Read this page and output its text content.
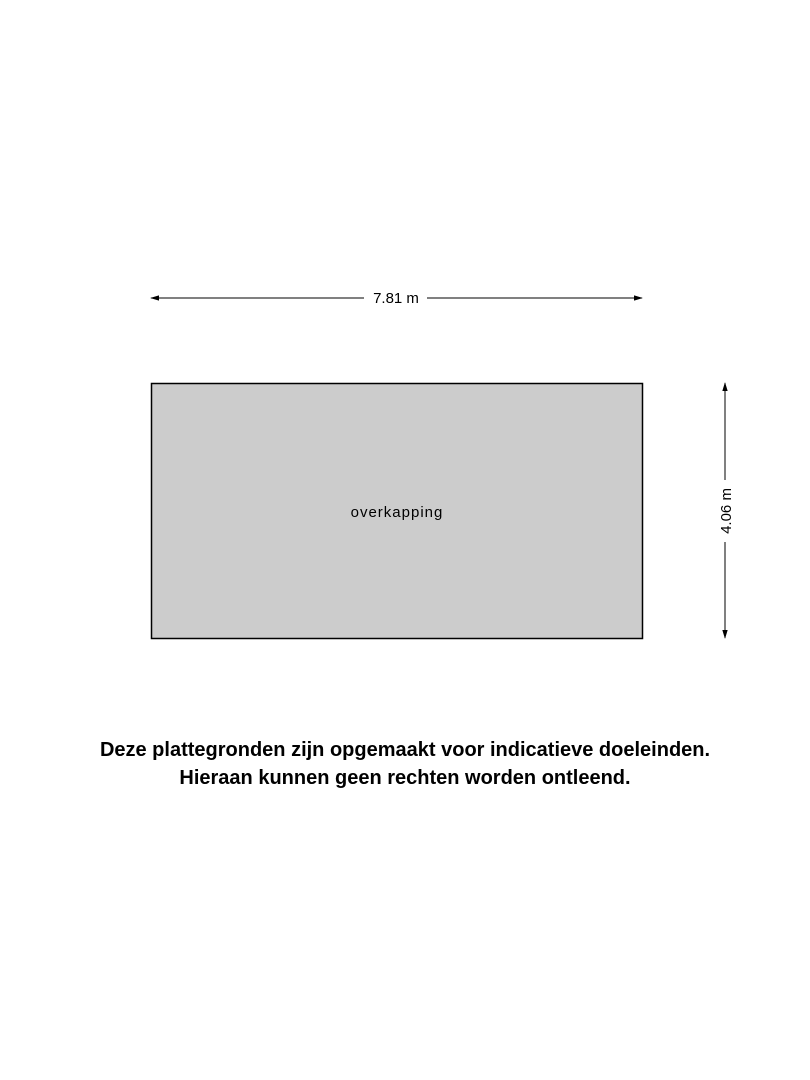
7.81 m
overkapping	4.06 m
Deze plattegronden zijn opgemaakt voor indicatieve doeleinden.
Hieraan kunnen geen rechten worden ontleend.
